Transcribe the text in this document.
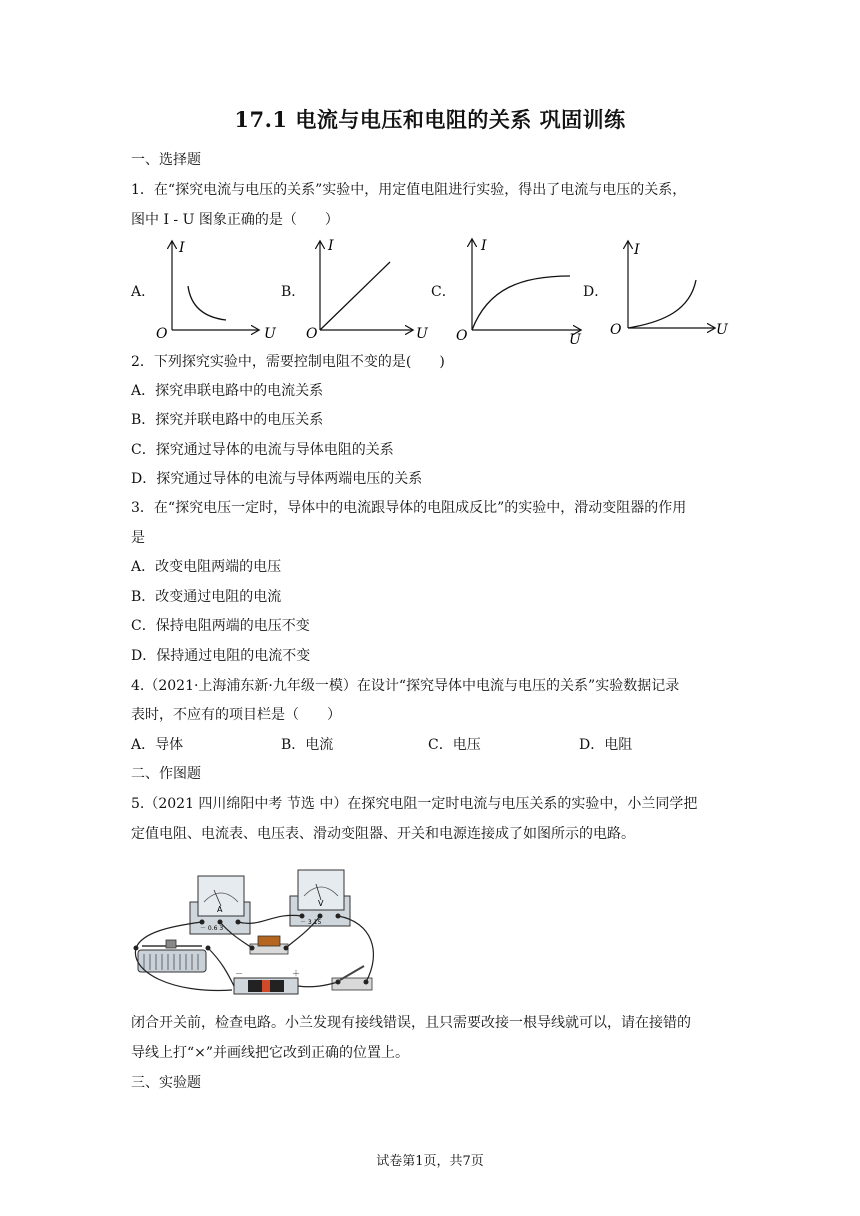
17.1 电流与电压和电阻的关系 巩固训练
一、选择题
1．在“探究电流与电压的关系”实验中，用定值电阻进行实验，得出了电流与电压的关系，
图中 I - U 图象正确的是（　　）
A．	B．	C．	D．
I
O	U
I
O	U
I
O	U
I
O	U
2．下列探究实验中，需要控制电阻不变的是(　　)
A．探究串联电路中的电流关系
B．探究并联电路中的电压关系
C．探究通过导体的电流与导体电阻的关系
D．探究通过导体的电流与导体两端电压的关系
3．在“探究电压一定时，导体中的电流跟导体的电阻成反比”的实验中，滑动变阻器的作用
是
A．改变电阻两端的电压
B．改变通过电阻的电流
C．保持电阻两端的电压不变
D．保持通过电阻的电流不变
4.（2021·上海浦东新·九年级一模）在设计“探究导体中电流与电压的关系”实验数据记录
表时，不应有的项目栏是（　　）
A．导体	B．电流	C．电压	D．电阻
二、作图题
5.（2021 四川绵阳中考 节选 中）在探究电阻一定时电流与电压关系的实验中，小兰同学把
定值电阻、电流表、电压表、滑动变阻器、开关和电源连接成了如图所示的电路。
A
－ 0.6 3
V
－ 3 15
－	＋
闭合开关前，检查电路。小兰发现有接线错误，且只需要改接一根导线就可以，请在接错的
导线上打“×”并画线把它改到正确的位置上。
三、实验题
试卷第1页，共7页
